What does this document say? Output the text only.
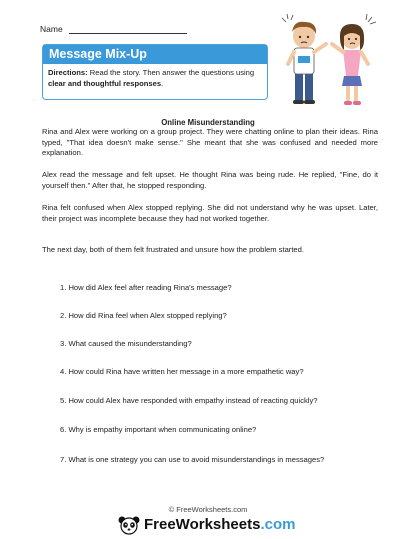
Name
Message Mix-Up
Directions: Read the story. Then answer the questions using clear and thoughtful responses.
Online Misunderstanding

Rina and Alex were working on a group project. They were chatting online to plan their ideas. Rina typed, "That idea doesn't make sense." She meant that she was confused and needed more explanation.

Alex read the message and felt upset. He thought Rina was being rude. He replied, "Fine, do it yourself then." After that, he stopped responding.

Rina felt confused when Alex stopped replying. She did not understand why he was upset. Later, their project was incomplete because they had not worked together.

The next day, both of them felt frustrated and unsure how the problem started.

1. How did Alex feel after reading Rina's message?
2. How did Rina feel when Alex stopped replying?
3. What caused the misunderstanding?
4. How could Rina have written her message in a more empathetic way?
5. How could Alex have responded with empathy instead of reacting quickly?
6. Why is empathy important when communicating online?
7. What is one strategy you can use to avoid misunderstandings in messages?
© FreeWorksheets.com
FreeWorksheets.com
